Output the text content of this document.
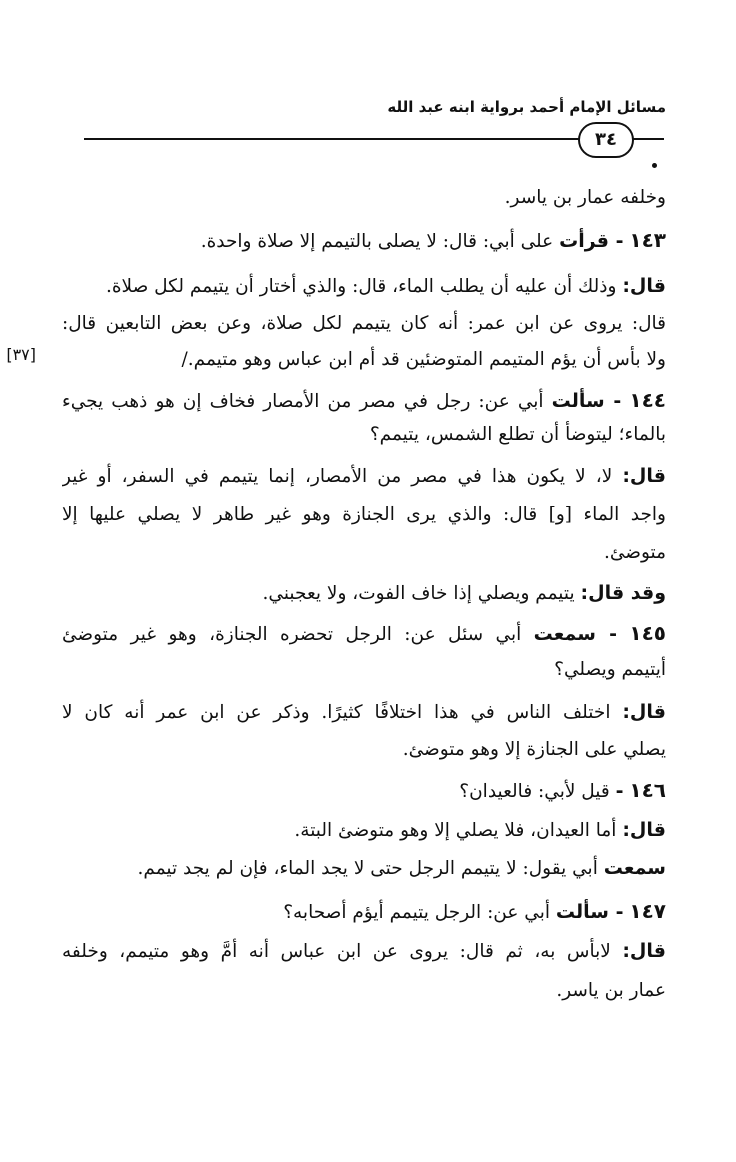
مسائل الإمام أحمد برواية ابنه عبد الله
٣٤
[٣٧]
وخلفه عمار بن ياسر.
١٤٣ - قرأت على أبي: قال: لا يصلى بالتيمم إلا صلاة واحدة.
قال: وذلك أن عليه أن يطلب الماء، قال: والذي أختار أن يتيمم لكل صلاة.
قال: يروى عن ابن عمر: أنه كان يتيمم لكل صلاة، وعن بعض التابعين قال:
ولا بأس أن يؤم المتيمم المتوضئين قد أم ابن عباس وهو متيمم./
١٤٤ - سألت أبي عن: رجل في مصر من الأمصار فخاف إن هو ذهب يجيء
بالماء؛ ليتوضأ أن تطلع الشمس، يتيمم؟
قال: لا، لا يكون هذا في مصر من الأمصار، إنما يتيمم في السفر، أو غير
واجد الماء [و] قال: والذي يرى الجنازة وهو غير طاهر لا يصلي عليها إلا
متوضئ.
وقد قال: يتيمم ويصلي إذا خاف الفوت، ولا يعجبني.
١٤٥ - سمعت أبي سئل عن: الرجل تحضره الجنازة، وهو غير متوضئ
أيتيمم ويصلي؟
قال: اختلف الناس في هذا اختلافًا كثيرًا. وذكر عن ابن عمر أنه كان لا
يصلي على الجنازة إلا وهو متوضئ.
١٤٦ - قيل لأبي: فالعيدان؟
قال: أما العيدان، فلا يصلي إلا وهو متوضئ البتة.
سمعت أبي يقول: لا يتيمم الرجل حتى لا يجد الماء، فإن لم يجد تيمم.
١٤٧ - سألت أبي عن: الرجل يتيمم أيؤم أصحابه؟
قال: لابأس به، ثم قال: يروى عن ابن عباس أنه أمَّ وهو متيمم، وخلفه
عمار بن ياسر.
